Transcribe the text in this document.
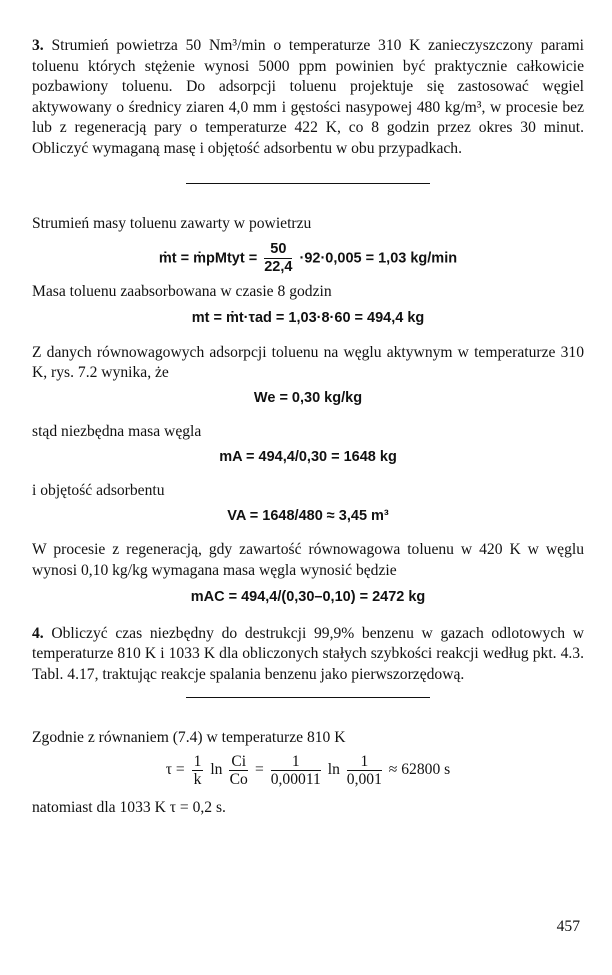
3. Strumień powietrza 50 Nm³/min o temperaturze 310 K zanieczyszczony parami toluenu których stężenie wynosi 5000 ppm powinien być praktycznie całkowicie pozbawiony toluenu. Do adsorpcji toluenu projektuje się zastosować węgiel aktywowany o średnicy ziaren 4,0 mm i gęstości nasypowej 480 kg/m³, w procesie bez lub z regeneracją pary o temperaturze 422 K, co 8 godzin przez okres 30 minut. Obliczyć wymaganą masę i objętość adsorbentu w obu przypadkach.

Strumień masy toluenu zawarty w powietrzu

ṁt = ṁpMtyt = $\frac{50}{22,4} \cdot 92\cdot 0,005 = 1,03$ kg/min

Masa toluenu zaabsorbowana w czasie 8 godzin

mt = ṁt·τad = 1,03·8·60 = 494,4 kg

Z danych równowagowych adsorpcji toluenu na węglu aktywnym w temperaturze 310 K, rys. 7.2 wynika, że

We = 0,30 kg/kg

stąd niezbędna masa węgla

mA = 494,4/0,30 = 1648 kg

i objętość adsorbentu

VA = 1648/480 ≈ 3,45 m³

W procesie z regeneracją, gdy zawartość równowagowa toluenu w 420 K w węglu wynosi 0,10 kg/kg wymagana masa węgla wynosić będzie

mAC = 494,4/(0,30–0,10) = 2472 kg

4. Obliczyć czas niezbędny do destrukcji 99,9% benzenu w gazach odlotowych w temperaturze 810 K i 1033 K dla obliczonych stałych szybkości reakcji według pkt. 4.3. Tabl. 4.17, traktując reakcje spalania benzenu jako pierwszorzędową.

Zgodnie z równaniem (7.4) w temperaturze 810 K

$\tau = \frac{1}{k}$ $\ln \frac{Ci}{Co} = \frac{1}{0,00011}$ $\ln \frac{1}{0,001} \approx 62800$ s

natomiast dla 1033 K τ = 0,2 s.

457
